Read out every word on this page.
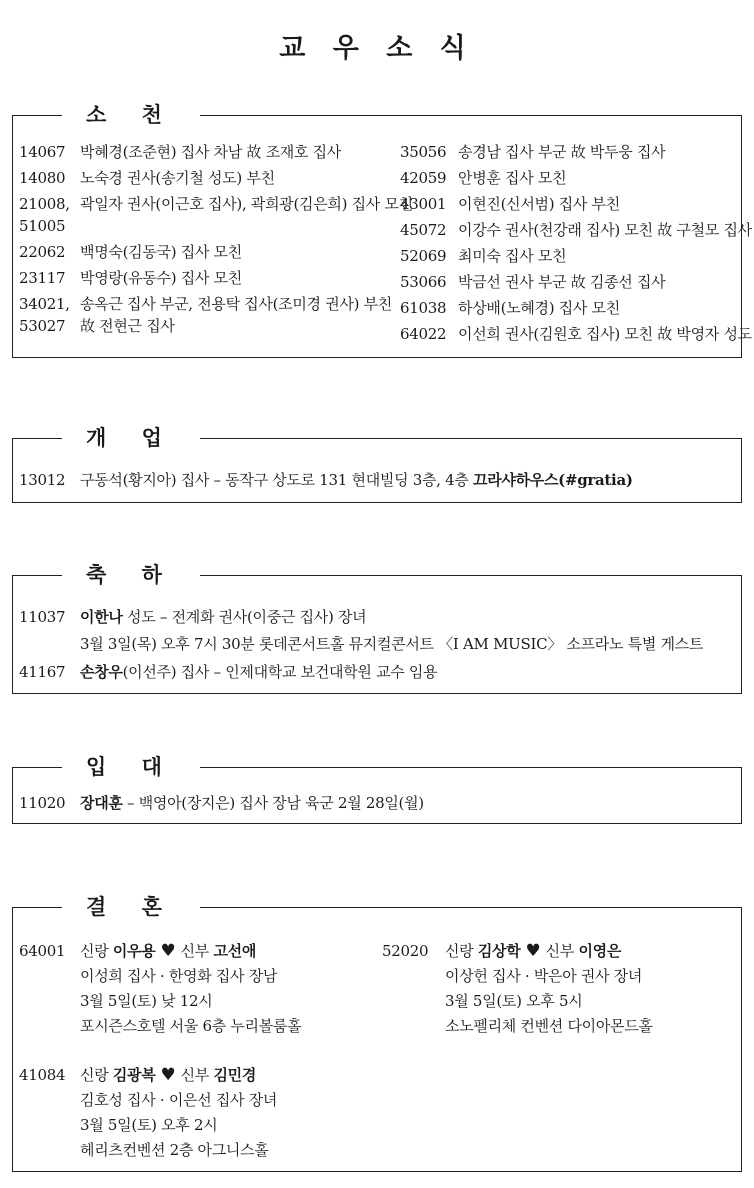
교 우 소 식
소 천
14067 박혜경(조준현) 집사 차남 故 조재호 집사
14080 노숙경 권사(송기철 성도) 부친
21008,
51005
곽일자 권사(이근호 집사), 곽희광(김은희) 집사 모친
22062 백명숙(김동국) 집사 모친
23117 박영랑(유동수) 집사 모친
34021,
53027
송옥근 집사 부군, 전용탁 집사(조미경 권사) 부친
故 전현근 집사
35056 송경남 집사 부군 故 박두웅 집사
42059 안병훈 집사 모친
43001 이현진(신서범) 집사 부친
45072 이강수 권사(천강래 집사) 모친 故 구철모 집사
52069 최미숙 집사 모친
53066 박금선 권사 부군 故 김종선 집사
61038 하상배(노혜경) 집사 모친
64022 이선희 권사(김원호 집사) 모친 故 박영자 성도
개 업
13012 구동석(황지아) 집사 – 동작구 상도로 131 현대빌딩 3층, 4층 끄라샤하우스(#gratia)
축 하
11037 이한나 성도 – 전계화 권사(이중근 집사) 장녀
3월 3일(목) 오후 7시 30분 롯데콘서트홀 뮤지컬콘서트 〈I AM MUSIC〉 소프라노 특별 게스트
41167 손창우(이선주) 집사 – 인제대학교 보건대학원 교수 임용
입 대
11020 장대훈 – 백영아(장지은) 집사 장남 육군 2월 28일(월)
결 혼
64001 신랑 이우용 ♥ 신부 고선애
이성희 집사 · 한영화 집사 장남
3월 5일(토) 낮 12시
포시즌스호텔 서울 6층 누리볼룸홀
52020 신랑 김상학 ♥ 신부 이영은
이상헌 집사 · 박은아 권사 장녀
3월 5일(토) 오후 5시
소노펠리체 컨벤션 다이아몬드홀
41084 신랑 김광복 ♥ 신부 김민경
김호성 집사 · 이은선 집사 장녀
3월 5일(토) 오후 2시
헤리츠컨벤션 2층 아그니스홀
